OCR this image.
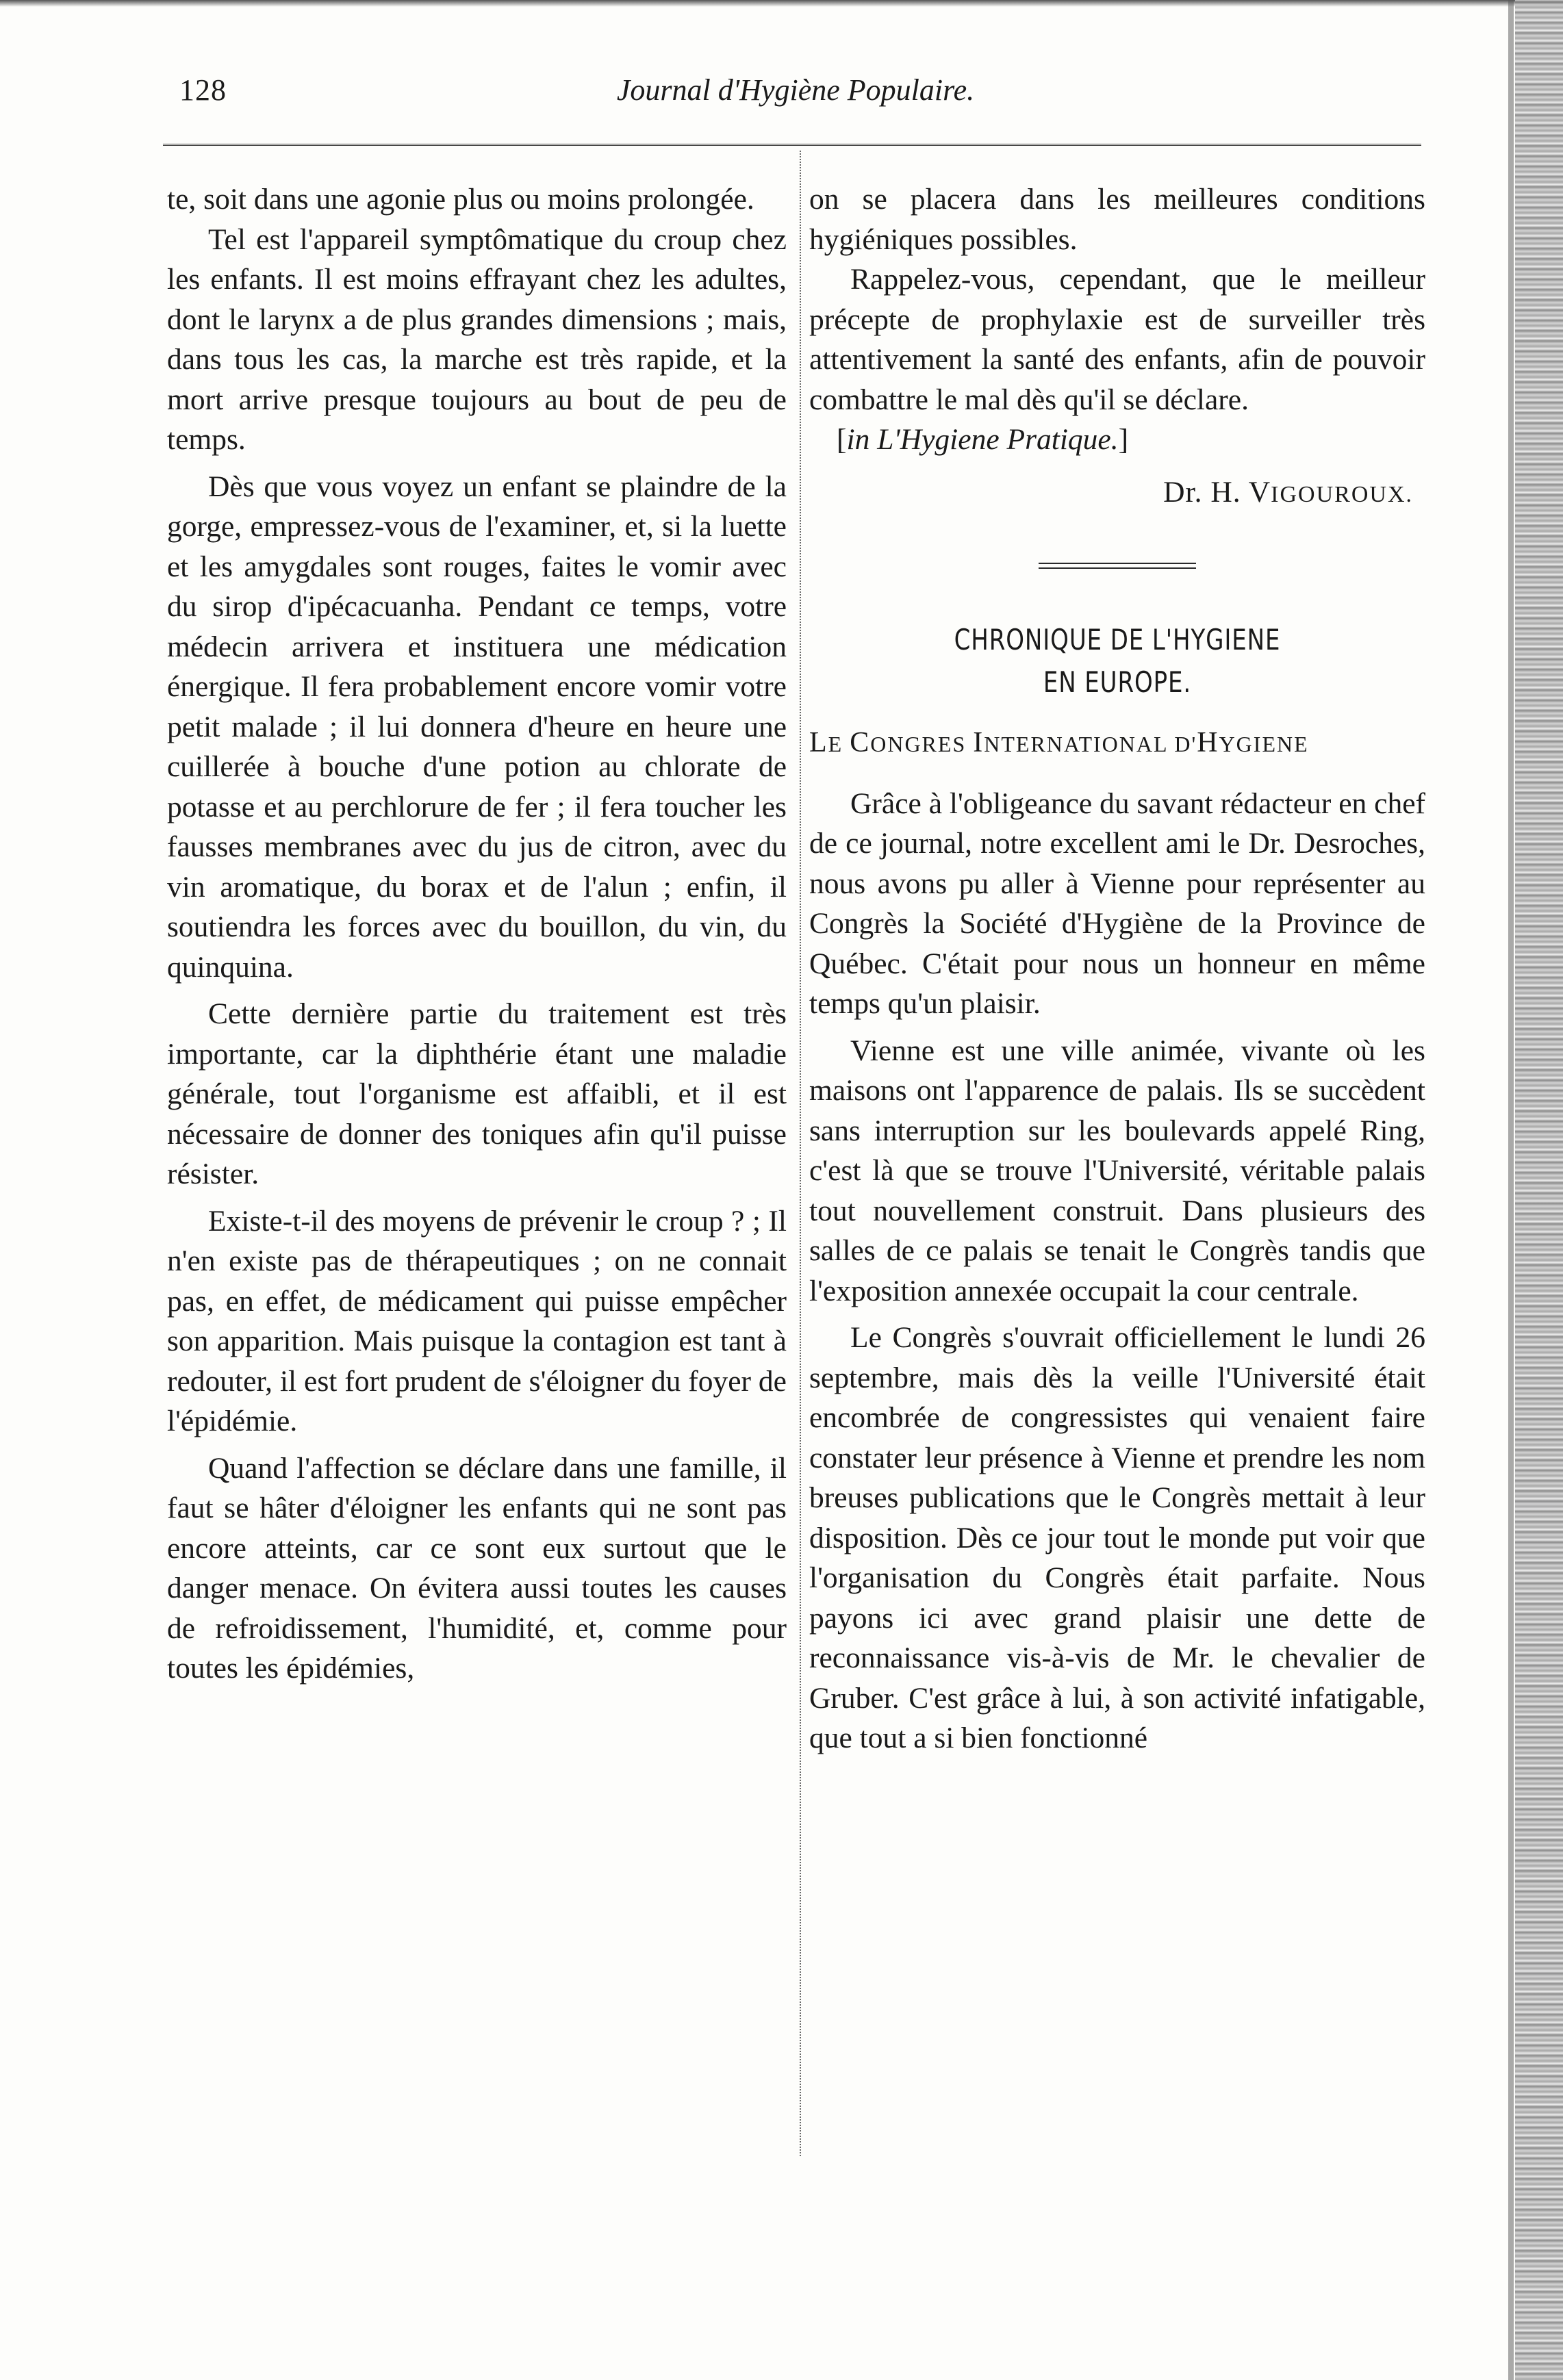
128	Journal d'Hygiène Populaire.

te, soit dans une agonie plus ou moins prolongée.

Tel est l'appareil symptômatique du croup chez les enfants. Il est moins effrayant chez les adultes, dont le larynx a de plus grandes dimensions ; mais, dans tous les cas, la marche est très rapide, et la mort arrive presque toujours au bout de peu de temps.

Dès que vous voyez un enfant se plaindre de la gorge, empressez-vous de l'examiner, et, si la luette et les amygdales sont rouges, faites le vomir avec du sirop d'ipécacuanha. Pendant ce temps, votre médecin arrivera et instituera une médication énergique. Il fera probablement encore vomir votre petit malade ; il lui donnera d'heure en heure une cuillerée à bouche d'une potion au chlorate de potasse et au perchlorure de fer ; il fera toucher les fausses membranes avec du jus de citron, avec du vin aromatique, du borax et de l'alun ; enfin, il soutiendra les forces avec du bouillon, du vin, du quinquina.

Cette dernière partie du traitement est très importante, car la diphthérie étant une maladie générale, tout l'organisme est affaibli, et il est nécessaire de donner des toniques afin qu'il puisse résister.

Existe-t-il des moyens de prévenir le croup ? ; Il n'en existe pas de thérapeutiques ; on ne connait pas, en effet, de médicament qui puisse empêcher son apparition. Mais puisque la contagion est tant à redouter, il est fort prudent de s'éloigner du foyer de l'épidémie.

Quand l'affection se déclare dans une famille, il faut se hâter d'éloigner les enfants qui ne sont pas encore atteints, car ce sont eux surtout que le danger menace. On évitera aussi toutes les causes de refroidissement, l'humidité, et, comme pour toutes les épidémies,

on se placera dans les meilleures conditions hygiéniques possibles.

Rappelez-vous, cependant, que le meilleur précepte de prophylaxie est de surveiller très attentivement la santé des enfants, afin de pouvoir combattre le mal dès qu'il se déclare.

[in L'Hygiene Pratique.]

Dr. H. VIGOUROUX.

CHRONIQUE DE L'HYGIENE
EN EUROPE.

LE CONGRES INTERNATIONAL D'HYGIENE

Grâce à l'obligeance du savant rédacteur en chef de ce journal, notre excellent ami le Dr. Desroches, nous avons pu aller à Vienne pour représenter au Congrès la Société d'Hygiène de la Province de Québec. C'était pour nous un honneur en même temps qu'un plaisir.

Vienne est une ville animée, vivante où les maisons ont l'apparence de palais. Ils se succèdent sans interruption sur les boulevards appelé Ring, c'est là que se trouve l'Université, véritable palais tout nouvellement construit. Dans plusieurs des salles de ce palais se tenait le Congrès tandis que l'exposition annexée occupait la cour centrale.

Le Congrès s'ouvrait officiellement le lundi 26 septembre, mais dès la veille l'Université était encombrée de congressistes qui venaient faire constater leur présence à Vienne et prendre les nom breuses publications que le Congrès mettait à leur disposition. Dès ce jour tout le monde put voir que l'organisation du Congrès était parfaite. Nous payons ici avec grand plaisir une dette de reconnaissance vis-à-vis de Mr. le chevalier de Gruber. C'est grâce à lui, à son activité infatigable, que tout a si bien fonctionné
